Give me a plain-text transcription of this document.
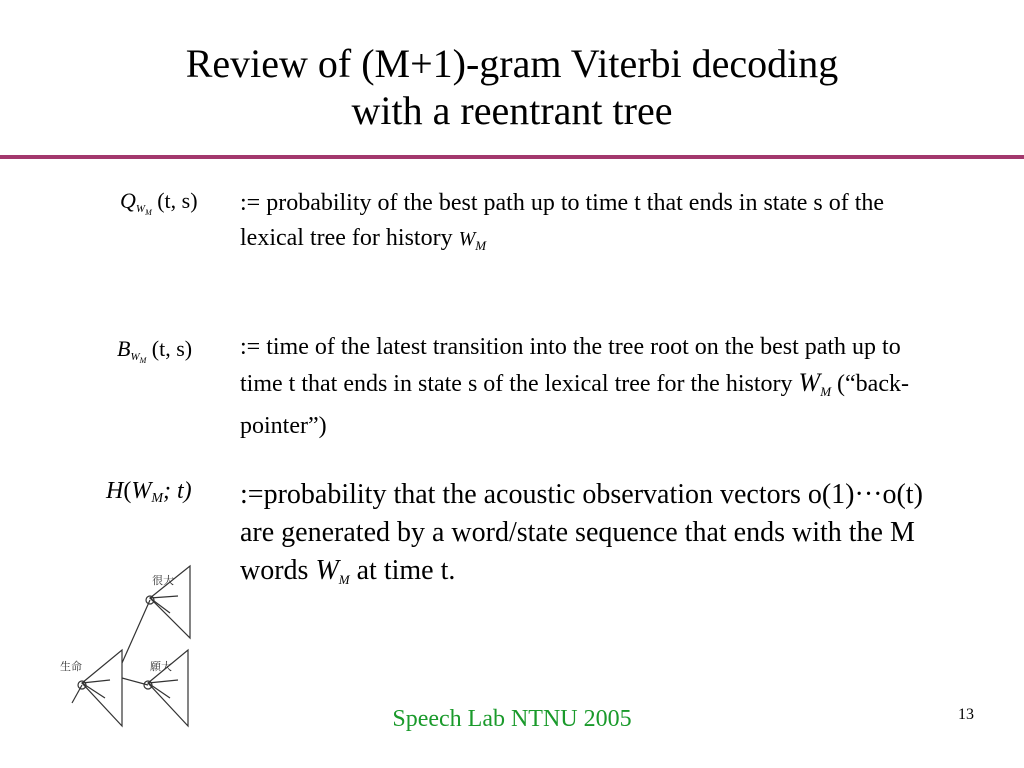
Review of (M+1)-gram Viterbi decoding
with a reentrant tree
$Q_{W_M}$ (t, s) := probability of the best path up to time t that ends in state s of the lexical tree for history $W_M$
$B_{W_M}$ (t, s) := time of the latest transition into the tree root on the best path up to time t that ends in state s of the lexical tree for the history $W_M$ (“back-pointer”)
$H(W_M$; t) :=probability that the acoustic observation vectors o(1)···o(t) are generated by a word/state sequence that ends with the M words $W_M$ at time t.
很大
生命	願大
Speech Lab NTNU 2005	13
